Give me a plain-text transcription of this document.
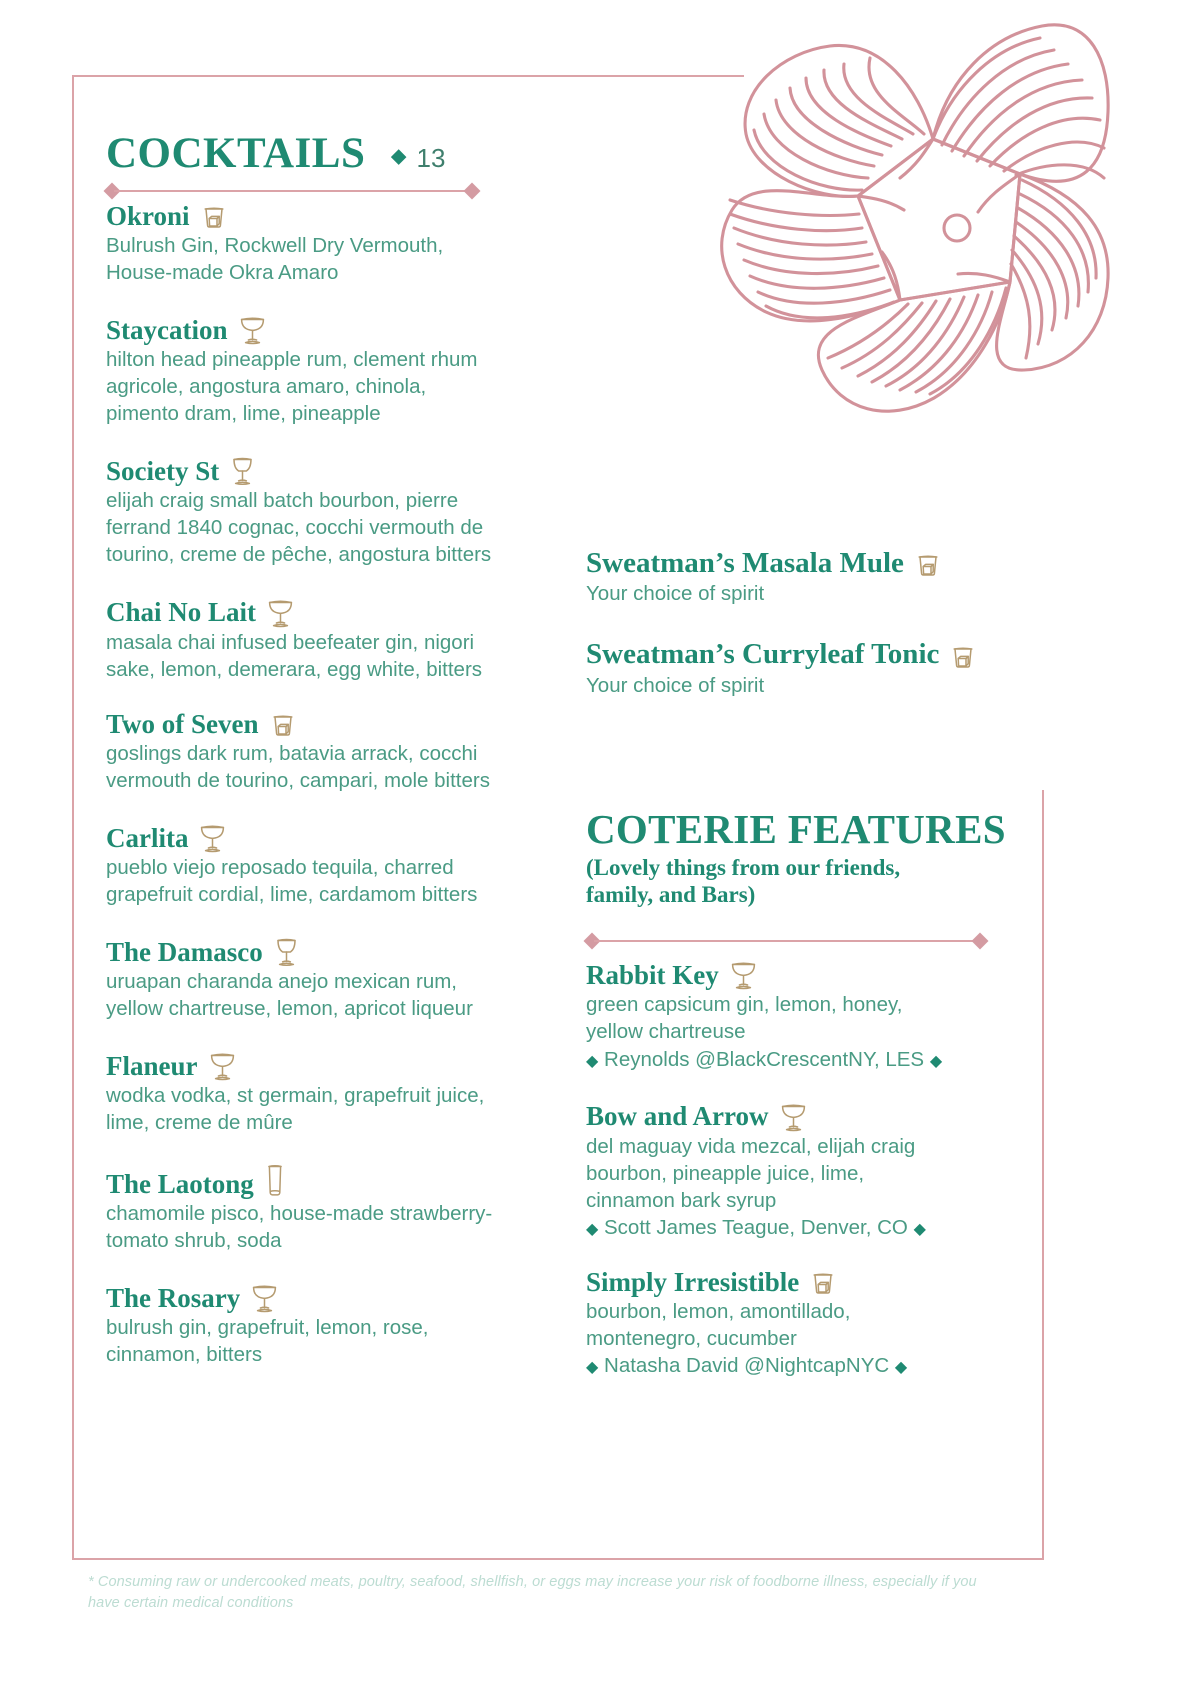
COCKTAILS ◆ 13
Okroni

Bulrush Gin, Rockwell Dry Vermouth,
House-made Okra Amaro

Staycation

hilton head pineapple rum, clement rhum
agricole, angostura amaro, chinola,
pimento dram, lime, pineapple

Society St

elijah craig small batch bourbon, pierre
ferrand 1840 cognac, cocchi vermouth de
tourino, creme de pêche, angostura bitters

Chai No Lait

masala chai infused beefeater gin, nigori
sake, lemon, demerara, egg white, bitters

Two of Seven

goslings dark rum, batavia arrack, cocchi
vermouth de tourino, campari, mole bitters

Carlita

pueblo viejo reposado tequila, charred
grapefruit cordial, lime, cardamom bitters

The Damasco

uruapan charanda anejo mexican rum,
yellow chartreuse, lemon, apricot liqueur

Flaneur

wodka vodka, st germain, grapefruit juice,
lime, creme de mûre

The Laotong

chamomile pisco, house-made strawberry-
tomato shrub, soda

The Rosary

bulrush gin, grapefruit, lemon, rose,
cinnamon, bitters

Sweatman’s Masala Mule

Your choice of spirit

Sweatman’s Curryleaf Tonic

Your choice of spirit

COTERIE FEATURES

(Lovely things from our friends,
family, and Bars)

Rabbit Key

green capsicum gin, lemon, honey,
yellow chartreuse

◆ Reynolds @BlackCrescentNY, LES ◆

Bow and Arrow

del maguay vida mezcal, elijah craig
bourbon, pineapple juice, lime,
cinnamon bark syrup

◆ Scott James Teague, Denver, CO ◆

Simply Irresistible

bourbon, lemon, amontillado,
montenegro, cucumber

◆ Natasha David @NightcapNYC ◆

* Consuming raw or undercooked meats, poultry, seafood, shellfish, or eggs may increase your risk of foodborne illness, especially if you have certain medical conditions
